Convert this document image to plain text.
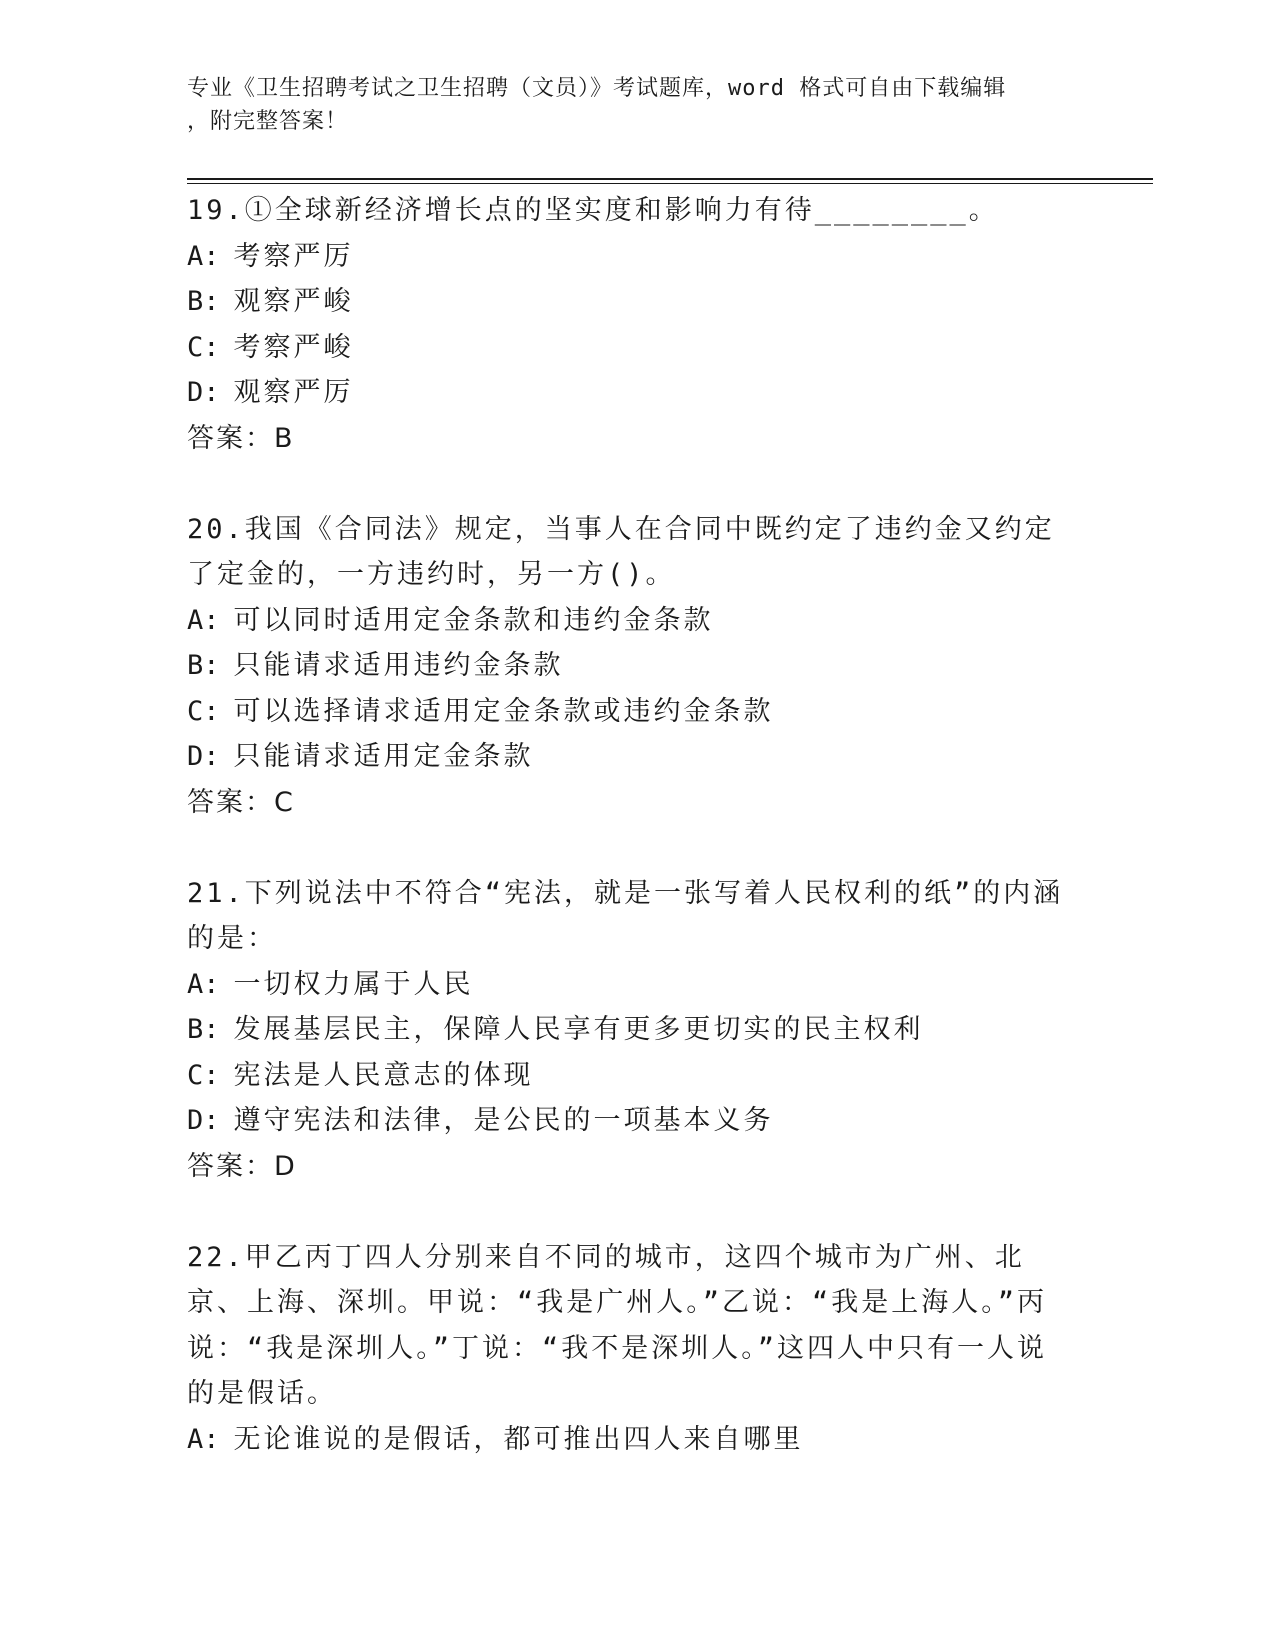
专业《卫生招聘考试之卫生招聘（文员）》考试题库，word 格式可自由下载编辑
，附完整答案！
19.①全球新经济增长点的坚实度和影响力有待________。
A: 考察严厉
B: 观察严峻
C: 考察严峻
D: 观察严厉
答案：B
20.我国《合同法》规定，当事人在合同中既约定了违约金又约定了定金的，一方违约时，另一方()。
A: 可以同时适用定金条款和违约金条款
B: 只能请求适用违约金条款
C: 可以选择请求适用定金条款或违约金条款
D: 只能请求适用定金条款
答案：C
21.下列说法中不符合“宪法，就是一张写着人民权利的纸”的内涵的是：
A: 一切权力属于人民
B: 发展基层民主，保障人民享有更多更切实的民主权利
C: 宪法是人民意志的体现
D: 遵守宪法和法律，是公民的一项基本义务
答案：D
22.甲乙丙丁四人分别来自不同的城市，这四个城市为广州、北京、上海、深圳。甲说：“我是广州人。”乙说：“我是上海人。”丙说：“我是深圳人。”丁说：“我不是深圳人。”这四人中只有一人说的是假话。
A: 无论谁说的是假话，都可推出四人来自哪里
